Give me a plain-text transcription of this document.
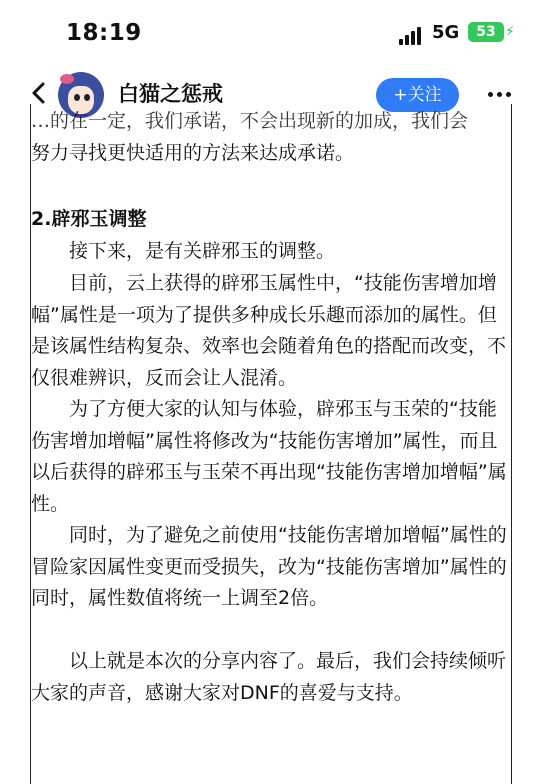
18:19	5G	53 ⚡
白猫之惩戒	+关注

…的在一定，我们承诺，不会出现新的加成，我们会

努力寻找更快适用的方法来达成承诺。

2.辟邪玉调整

接下来，是有关辟邪玉的调整。

目前，云上获得的辟邪玉属性中，“技能伤害增加增幅”属性是一项为了提供多种成长乐趣而添加的属性。但是该属性结构复杂、效率也会随着角色的搭配而改变，不仅很难辨识，反而会让人混淆。

为了方便大家的认知与体验，辟邪玉与玉荣的“技能伤害增加增幅”属性将修改为“技能伤害增加”属性，而且以后获得的辟邪玉与玉荣不再出现“技能伤害增加增幅”属性。

同时，为了避免之前使用“技能伤害增加增幅”属性的冒险家因属性变更而受损失，改为“技能伤害增加”属性的同时，属性数值将统一上调至2倍。

以上就是本次的分享内容了。最后，我们会持续倾听大家的声音，感谢大家对DNF的喜爱与支持。
